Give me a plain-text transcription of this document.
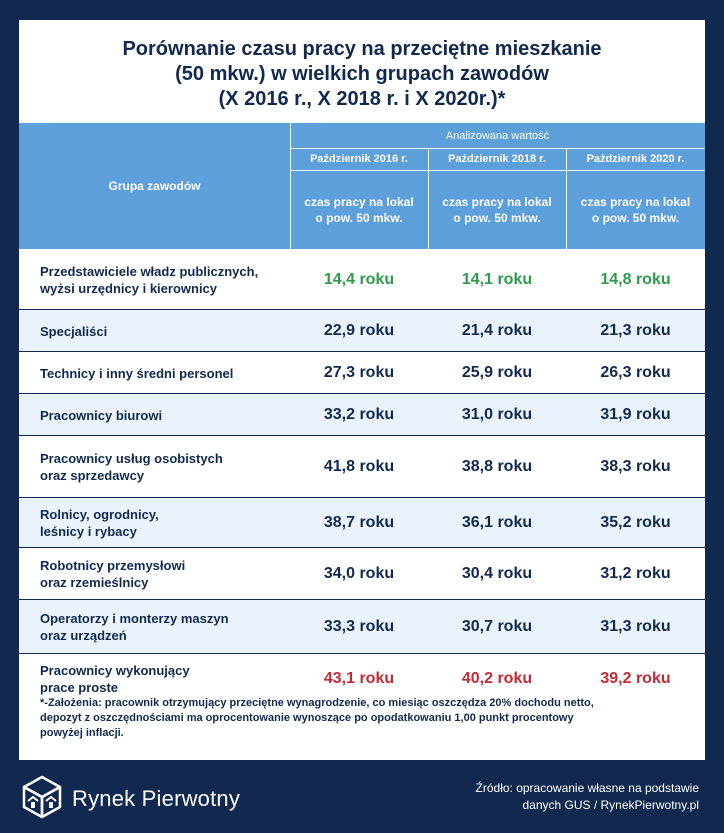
Porównanie czasu pracy na przeciętne mieszkanie
(50 mkw.) w wielkich grupach zawodów
(X 2016 r., X 2018 r. i X 2020r.)*
Grupa zawodów
Analizowana wartość
Październik 2016 r.	Październik 2018 r.	Październik 2020 r.
czas pracy na lokal
o pow. 50 mkw.
czas pracy na lokal
o pow. 50 mkw.
czas pracy na lokal
o pow. 50 mkw.
Przedstawiciele władz publicznych,
wyżsi urzędnicy i kierownicy
14,4 roku	14,1 roku	14,8 roku
Specjaliści	22,9 roku	21,4 roku	21,3 roku
Technicy i inny średni personel	27,3 roku	25,9 roku	26,3 roku
Pracownicy biurowi	33,2 roku	31,0 roku	31,9 roku
Pracownicy usług osobistych
oraz sprzedawcy
41,8 roku	38,8 roku	38,3 roku
Rolnicy, ogrodnicy,
leśnicy i rybacy
38,7 roku	36,1 roku	35,2 roku
Robotnicy przemysłowi
oraz rzemieślnicy
34,0 roku	30,4 roku	31,2 roku
Operatorzy i monterzy maszyn
oraz urządzeń
33,3 roku	30,7 roku	31,3 roku
Pracownicy wykonujący
prace proste
43,1 roku	40,2 roku	39,2 roku
*-Założenia: pracownik otrzymujący przeciętne wynagrodzenie, co miesiąc oszczędza 20% dochodu netto,
depozyt z oszczędnościami ma oprocentowanie wynoszące po opodatkowaniu 1,00 punkt procentowy
powyżej inflacji.
Rynek Pierwotny	Źródło: opracowanie własne na podstawie
danych GUS / RynekPierwotny.pl
